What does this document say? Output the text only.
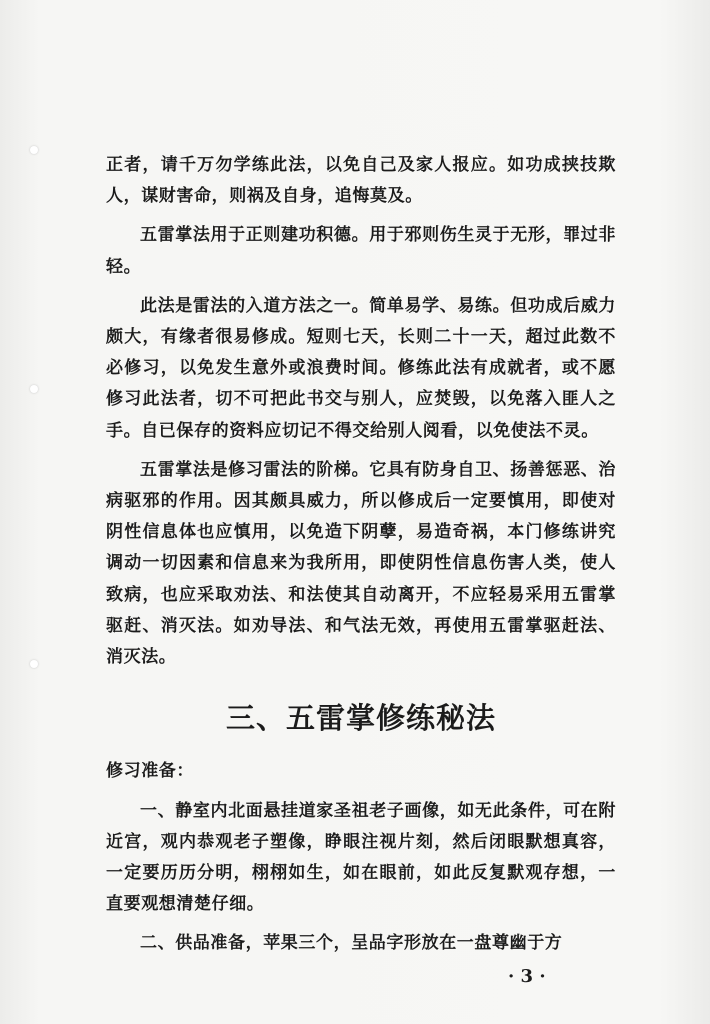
正者，请千万勿学练此法，以免自己及家人报应。如功成挟技欺人，谋财害命，则祸及自身，追悔莫及。

五雷掌法用于正则建功积德。用于邪则伤生灵于无形，罪过非轻。

此法是雷法的入道方法之一。简单易学、易练。但功成后威力颇大，有缘者很易修成。短则七天，长则二十一天，超过此数不必修习，以免发生意外或浪费时间。修练此法有成就者，或不愿修习此法者，切不可把此书交与别人，应焚毁，以免落入匪人之手。自已保存的资料应切记不得交给别人阅看，以免使法不灵。

五雷掌法是修习雷法的阶梯。它具有防身自卫、扬善惩恶、治病驱邪的作用。因其颇具威力，所以修成后一定要慎用，即使对阴性信息体也应慎用，以免造下阴孽，易造奇祸，本门修练讲究调动一切因素和信息来为我所用，即使阴性信息伤害人类，使人致病，也应采取劝法、和法使其自动离开，不应轻易采用五雷掌驱赶、消灭法。如劝导法、和气法无效，再使用五雷掌驱赶法、消灭法。

三、五雷掌修练秘法

修习准备：

一、静室内北面悬挂道家圣祖老子画像，如无此条件，可在附近宫，观内恭观老子塑像，睁眼注视片刻，然后闭眼默想真容，一定要历历分明，栩栩如生，如在眼前，如此反复默观存想，一直要观想清楚仔细。

二、供品准备，苹果三个，呈品字形放在一盘尊幽于方

· 3 ·
